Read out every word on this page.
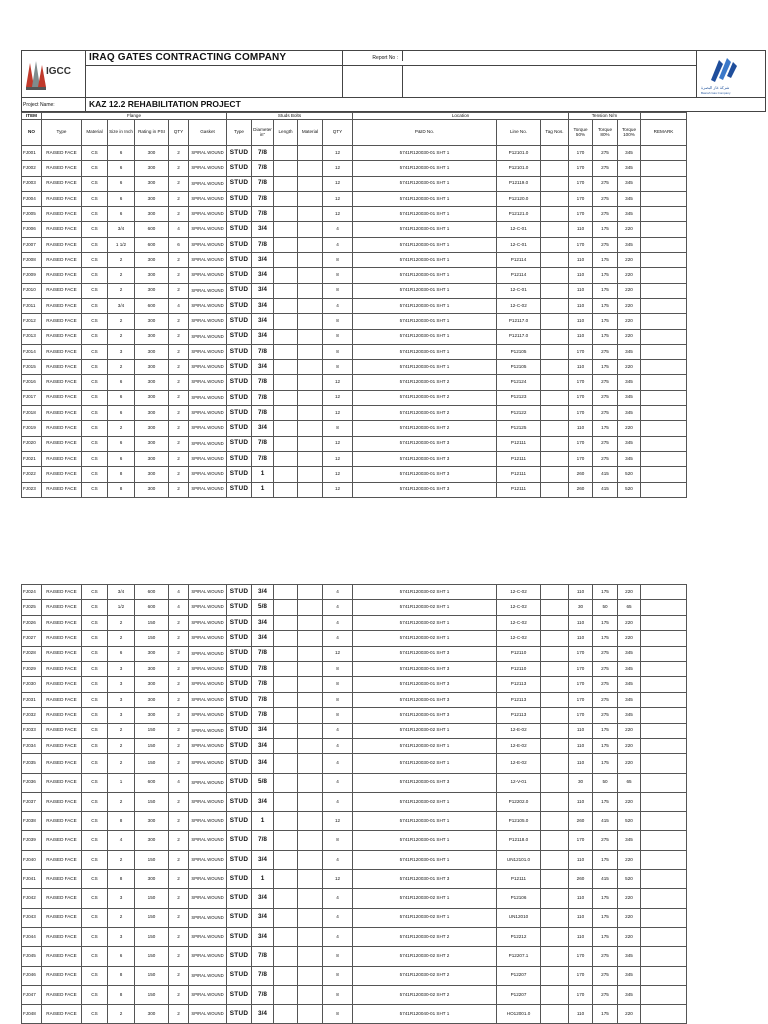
IGCC
IRAQ GATES CONTRACTING COMPANY	Report No :
شركة غاز البصرة
Basrah Gas Company
Project Name:	KAZ 12.2 REHABILITATION PROJECT
ITEM	Flange						Studs Bolts					Location			Tension N/m			
NO	Type	Material	Size in Inch	Rating in PSI	QTY	Gasket	Type	Diameter in"	Length	Material	QTY	P&ID No.	Line No.	Tag Nos.	Torque 50%	Torque 80%	Torque 100%	REMARK
FJ001	RAISED FACE	CS	6	300	2	SPIRAL WOUND	STUD	7/8			12	5741R120030-01 SHT 1	P12101.0		170	275	345	
FJ002	RAISED FACE	CS	6	300	2	SPIRAL WOUND	STUD	7/8			12	5741R120030-01 SHT 1	P12101.0		170	275	345	
FJ003	RAISED FACE	CS	6	300	2	SPIRAL WOUND	STUD	7/8			12	5741R120030-01 SHT 1	P12119.0		170	275	345	
FJ004	RAISED FACE	CS	6	300	2	SPIRAL WOUND	STUD	7/8			12	5741R120030-01 SHT 1	P12120.0		170	275	345	
FJ005	RAISED FACE	CS	6	300	2	SPIRAL WOUND	STUD	7/8			12	5741R120030-01 SHT 1	P12121.0		170	275	345	
FJ006	RAISED FACE	CS	3/4	600	4	SPIRAL WOUND	STUD	3/4			4	5741R120030-01 SHT 1	12-C-01		110	175	220	
FJ007	RAISED FACE	CS	1 1/2	600	6	SPIRAL WOUND	STUD	7/8			4	5741R120030-01 SHT 1	12-C-01		170	275	345	
FJ008	RAISED FACE	CS	2	300	2	SPIRAL WOUND	STUD	3/4			8	5741R120030-01 SHT 1	P12114		110	175	220	
FJ009	RAISED FACE	CS	2	300	2	SPIRAL WOUND	STUD	3/4			8	5741R120030-01 SHT 1	P12114		110	175	220	
FJ010	RAISED FACE	CS	2	300	2	SPIRAL WOUND	STUD	3/4			8	5741R120030-01 SHT 1	12-C-01		110	175	220	
FJ011	RAISED FACE	CS	3/4	600	4	SPIRAL WOUND	STUD	3/4			4	5741R120030-01 SHT 1	12-C-02		110	175	220	
FJ012	RAISED FACE	CS	2	300	2	SPIRAL WOUND	STUD	3/4			8	5741R120030-01 SHT 1	P12117.0		110	175	220	
FJ013	RAISED FACE	CS	2	300	2	SPIRAL WOUND	STUD	3/4			8	5741R120030-01 SHT 1	P12117.0		110	175	220	
FJ014	RAISED FACE	CS	3	300	2	SPIRAL WOUND	STUD	7/8			8	5741R120030-01 SHT 1	P12105		170	275	345	
FJ015	RAISED FACE	CS	2	300	2	SPIRAL WOUND	STUD	3/4			8	5741R120030-01 SHT 1	P12105		110	175	220	
FJ016	RAISED FACE	CS	6	300	2	SPIRAL WOUND	STUD	7/8			12	5741R120030-01 SHT 2	P12124		170	275	345	
FJ017	RAISED FACE	CS	6	300	2	SPIRAL WOUND	STUD	7/8			12	5741R120030-01 SHT 2	P12123		170	275	345	
FJ018	RAISED FACE	CS	6	300	2	SPIRAL WOUND	STUD	7/8			12	5741R120030-01 SHT 2	P12122		170	275	345	
FJ019	RAISED FACE	CS	2	300	2	SPIRAL WOUND	STUD	3/4			8	5741R120030-01 SHT 2	P12125		110	175	220	
FJ020	RAISED FACE	CS	6	300	2	SPIRAL WOUND	STUD	7/8			12	5741R120030-01 SHT 3	P12111		170	275	345	
FJ021	RAISED FACE	CS	6	300	2	SPIRAL WOUND	STUD	7/8			12	5741R120030-01 SHT 3	P12111		170	275	345	
FJ022	RAISED FACE	CS	8	300	2	SPIRAL WOUND	STUD	1			12	5741R120030-01 SHT 3	P12111		260	415	520	
FJ023	RAISED FACE	CS	8	300	2	SPIRAL WOUND	STUD	1			12	5741R120030-01 SHT 3	P12111		260	415	520	
FJ024	RAISED FACE	CS	3/4	600	4	SPIRAL WOUND	STUD	3/4			4	5741R120030-02 SHT 1	12-C-02		110	175	220	
FJ025	RAISED FACE	CS	1/2	600	4	SPIRAL WOUND	STUD	5/8			4	5741R120030-02 SHT 1	12-C-02		30	50	65	
FJ026	RAISED FACE	CS	2	150	2	SPIRAL WOUND	STUD	3/4			4	5741R120030-02 SHT 1	12-C-02		110	175	220	
FJ027	RAISED FACE	CS	2	150	2	SPIRAL WOUND	STUD	3/4			4	5741R120030-02 SHT 1	12-C-02		110	175	220	
FJ028	RAISED FACE	CS	6	300	2	SPIRAL WOUND	STUD	7/8			12	5741R120030-01 SHT 3	P12110		170	275	345	
FJ029	RAISED FACE	CS	3	300	2	SPIRAL WOUND	STUD	7/8			8	5741R120030-01 SHT 3	P12110		170	275	345	
FJ030	RAISED FACE	CS	3	300	2	SPIRAL WOUND	STUD	7/8			8	5741R120030-01 SHT 3	P12113		170	275	345	
FJ031	RAISED FACE	CS	3	300	2	SPIRAL WOUND	STUD	7/8			8	5741R120030-01 SHT 3	P12113		170	275	345	
FJ032	RAISED FACE	CS	3	300	2	SPIRAL WOUND	STUD	7/8			8	5741R120030-01 SHT 3	P12113		170	275	345	
FJ033	RAISED FACE	CS	2	150	2	SPIRAL WOUND	STUD	3/4			4	5741R120030-02 SHT 1	12-E-02		110	175	220	
FJ034	RAISED FACE	CS	2	150	2	SPIRAL WOUND	STUD	3/4			4	5741R120030-02 SHT 1	12-E-02		110	175	220	
FJ035	RAISED FACE	CS	2	150	2	SPIRAL WOUND	STUD	3/4			4	5741R120030-02 SHT 1	12-E-02		110	175	220	
FJ036	RAISED FACE	CS	1	600	4	SPIRAL WOUND	STUD	5/8			4	5741R120030-01 SHT 3	12-V-01		30	50	65	
FJ037	RAISED FACE	CS	2	150	2	SPIRAL WOUND	STUD	3/4			4	5741R120030-02 SHT 1	P12202.0		110	175	220	
FJ038	RAISED FACE	CS	8	300	2	SPIRAL WOUND	STUD	1			12	5741R120030-01 SHT 1	P12105.0		260	415	520	
FJ039	RAISED FACE	CS	4	300	2	SPIRAL WOUND	STUD	7/8			8	5741R120030-01 SHT 1	P12118.0		170	275	345	
FJ040	RAISED FACE	CS	2	150	2	SPIRAL WOUND	STUD	3/4			4	5741R120030-01 SHT 1	UN12101.0		110	175	220	
FJ041	RAISED FACE	CS	8	300	2	SPIRAL WOUND	STUD	1			12	5741R120030-01 SHT 3	P12111		260	415	520	
FJ042	RAISED FACE	CS	3	150	2	SPIRAL WOUND	STUD	3/4			4	5741R120030-02 SHT 1	P12106		110	175	220	
FJ043	RAISED FACE	CS	2	150	2	SPIRAL WOUND	STUD	3/4			4	5741R120030-02 SHT 1	UN12010		110	175	220	
FJ044	RAISED FACE	CS	3	150	2	SPIRAL WOUND	STUD	3/4			4	5741R120030-02 SHT 2	P12212		110	175	220	
FJ045	RAISED FACE	CS	6	150	2	SPIRAL WOUND	STUD	7/8			8	5741R120030-02 SHT 2	P12207.1		170	275	345	
FJ046	RAISED FACE	CS	8	150	2	SPIRAL WOUND	STUD	7/8			8	5741R120030-02 SHT 2	P12207		170	275	345	
FJ047	RAISED FACE	CS	8	150	2	SPIRAL WOUND	STUD	7/8			8	5741R120030-02 SHT 2	P12207		170	275	345	
FJ048	RAISED FACE	CS	2	300	2	SPIRAL WOUND	STUD	3/4			8	5741R120040-01 SHT 1	HO12001.0		110	175	220	
